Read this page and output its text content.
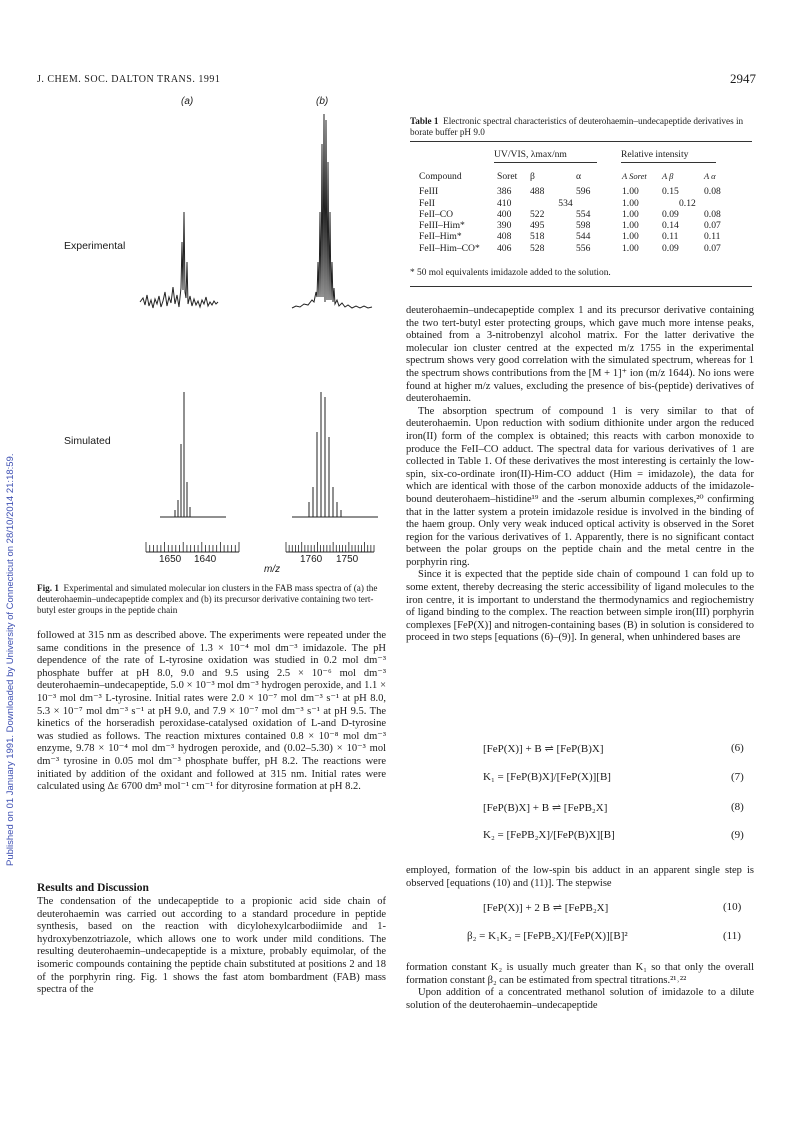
J. CHEM. SOC. DALTON TRANS. 1991	2947
Published on 01 January 1991. Downloaded by University of Connecticut on 28/10/2014 21:18:59.
(a)	(b)
Experimental
Simulated
1650 1640	1760 1750
m/z
Fig. 1 Experimental and simulated molecular ion clusters in the FAB mass spectra of (a) the deuterohaemin–undecapeptide complex and (b) its precursor derivative containing two tert-butyl ester groups in the peptide chain
Table 1 Electronic spectral characteristics of deuterohaemin–undecapeptide derivatives in borate buffer pH 9.0
UV/VIS, λmax/nm	Relative intensity
Compound	Soret	β	α	A Soret	A β	A α

FeIII	386	488	596	1.00	0.15	0.08
FeII	410	534		1.00	0.12	
FeII–CO	400	522	554	1.00	0.09	0.08
FeIII–Him*	390	495	598	1.00	0.14	0.07
FeII–Him*	408	518	544	1.00	0.11	0.11
FeII–Him–CO*	406	528	556	1.00	0.09	0.07
* 50 mol equivalents imidazole added to the solution.

followed at 315 nm as described above. The experiments were repeated under the same conditions in the presence of 1.3 × 10⁻⁴ mol dm⁻³ imidazole. The pH dependence of the rate of L-tyrosine oxidation was studied in 0.2 mol dm⁻³ phosphate buffer at pH 8.0, 9.0 and 9.5 using 2.5 × 10⁻⁶ mol dm⁻³ deuterohaemin–undecapeptide, 5.0 × 10⁻³ mol dm⁻³ hydrogen peroxide, and 1.1 × 10⁻³ mol dm⁻³ L-tyrosine. Initial rates were 2.0 × 10⁻⁷ mol dm⁻³ s⁻¹ at pH 8.0, 5.3 × 10⁻⁷ mol dm⁻³ s⁻¹ at pH 9.0, and 7.9 × 10⁻⁷ mol dm⁻³ s⁻¹ at pH 9.5. The kinetics of the horseradish peroxidase-catalysed oxidation of L-and D-tyrosine was studied as follows. The reaction mixtures contained 0.8 × 10⁻⁸ mol dm⁻³ enzyme, 9.78 × 10⁻⁴ mol dm⁻³ hydrogen peroxide, and (0.02–5.30) × 10⁻³ mol dm⁻³ tyrosine in 0.05 mol dm⁻³ phosphate buffer, pH 8.2. The reactions were initiated by addition of the oxidant and followed at 315 nm. Initial rates were calculated using Δε 6700 dm³ mol⁻¹ cm⁻¹ for dityrosine formation at pH 8.2.

Results and Discussion

The condensation of the undecapeptide to a propionic acid side chain of deuterohaemin was carried out according to a standard procedure in peptide synthesis, based on the reaction with dicylohexylcarbodiimide and 1-hydroxybenzotriazole, which allows one to work under mild conditions. The resulting deuterohaemin–undecapeptide is a mixture, probably equimolar, of the isomeric compounds containing the peptide chain substituted at positions 2 and 18 of the porphyrin ring. Fig. 1 shows the fast atom bombardment (FAB) mass spectra of the

deuterohaemin–undecapeptide complex 1 and its precursor derivative containing the two tert-butyl ester protecting groups, which gave much more intense peaks, obtained from a 3-nitrobenzyl alcohol matrix. For the latter derivative the molecular ion cluster centred at the expected m/z 1755 in the experimental spectrum shows very good correlation with the simulated spectrum, whereas for 1 the spectrum shows contributions from the [M + 1]⁺ ion (m/z 1644). No ions were found at higher m/z values, excluding the presence of bis-(peptide) derivatives of deuterohaemin.

The absorption spectrum of compound 1 is very similar to that of deuterohaemin. Upon reduction with sodium dithionite under argon the reduced iron(II) form of the complex is obtained; this reacts with carbon monoxide to produce the FeII–CO adduct. The spectral data for various derivatives of 1 are collected in Table 1. Of these derivatives the most interesting is certainly the low-spin, six-co-ordinate iron(II)-Him-CO adduct (Him = imidazole), the data for which are identical with those of the carbon monoxide adducts of the imidazole-bound deuterohaem–histidine¹⁹ and the -serum albumin complexes,²⁰ confirming that in the latter system a protein imidazole residue is involved in the binding of the haem group. Only very weak induced optical activity is observed in the Soret region for the various derivatives of 1. Apparently, there is no significant contact between the polar groups on the peptide chain and the metal centre in the porphyrin ring.

Since it is expected that the peptide side chain of compound 1 can fold up to some extent, thereby decreasing the steric accessibility of ligand molecules to the iron centre, it is important to understand the thermodynamics and regiochemistry of ligand binding to the complex. The reaction between simple iron(III) porphyrin complexes [FeP(X)] and nitrogen-containing bases (B) in solution is considered to proceed in two steps [equations (6)–(9)]. In general, when unhindered bases are

[FeP(X)] + B ⇌ [FeP(B)X]	(6)
K₁ = [FeP(B)X]/[FeP(X)][B]	(7)
[FeP(B)X] + B ⇌ [FePB₂X]	(8)
K₂ = [FePB₂X]/[FeP(B)X][B]	(9)

employed, formation of the low-spin bis adduct in an apparent single step is observed [equations (10) and (11)]. The stepwise

[FeP(X)] + 2 B ⇌ [FePB₂X]	(10)
β₂ = K₁K₂ = [FePB₂X]/[FeP(X)][B]²	(11)

formation constant K₂ is usually much greater than K₁ so that only the overall formation constant β₂ can be estimated from spectral titrations.²¹˒²²

Upon addition of a concentrated methanol solution of imidazole to a dilute solution of the deuterohaemin–undecapeptide
